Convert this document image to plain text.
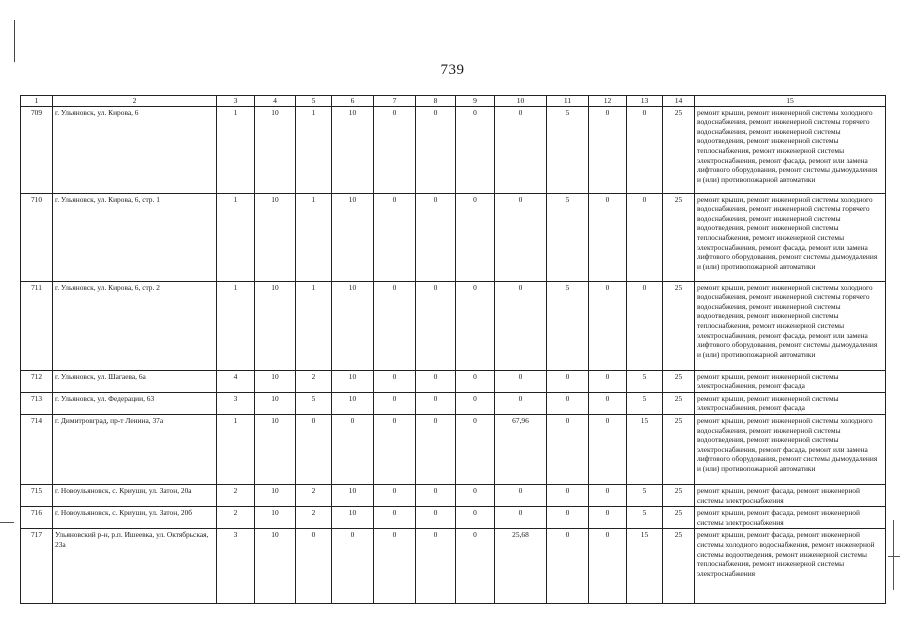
739
1	2	3	4	5	6	7	8	9	10	11	12	13	14	15
709	г. Ульяновск, ул. Кирова, 6	1	10	1	10	0	0	0	0	5	0	0	25	ремонт крыши, ремонт инженерной системы холодного водоснабжения, ремонт инженерной системы горячего водоснабжения, ремонт инженерной системы водоотведения, ремонт инженерной системы теплоснабжения, ремонт инженерной системы электроснабжения, ремонт фасада, ремонт или замена лифтового оборудования, ремонт системы дымоудаления и (или) противопожарной автоматики
710	г. Ульяновск, ул. Кирова, 6, стр. 1	1	10	1	10	0	0	0	0	5	0	0	25	ремонт крыши, ремонт инженерной системы холодного водоснабжения, ремонт инженерной системы горячего водоснабжения, ремонт инженерной системы водоотведения, ремонт инженерной системы теплоснабжения, ремонт инженерной системы электроснабжения, ремонт фасада, ремонт или замена лифтового оборудования, ремонт системы дымоудаления и (или) противопожарной автоматики
711	г. Ульяновск, ул. Кирова, 6, стр. 2	1	10	1	10	0	0	0	0	5	0	0	25	ремонт крыши, ремонт инженерной системы холодного водоснабжения, ремонт инженерной системы горячего водоснабжения, ремонт инженерной системы водоотведения, ремонт инженерной системы теплоснабжения, ремонт инженерной системы электроснабжения, ремонт фасада, ремонт или замена лифтового оборудования, ремонт системы дымоудаления и (или) противопожарной автоматики
712	г. Ульяновск, ул. Шагаева, 6а	4	10	2	10	0	0	0	0	0	0	5	25	ремонт крыши, ремонт инженерной системы электроснабжения, ремонт фасада
713	г. Ульяновск, ул. Федерации, 63	3	10	5	10	0	0	0	0	0	0	5	25	ремонт крыши, ремонт инженерной системы электроснабжения, ремонт фасада
714	г. Димитровград, пр-т Ленина, 37а	1	10	0	0	0	0	0	67,96	0	0	15	25	ремонт крыши, ремонт инженерной системы холодного водоснабжения, ремонт инженерной системы водоотведения, ремонт инженерной системы электроснабжения, ремонт фасада, ремонт или замена лифтового оборудования, ремонт системы дымоудаления и (или) противопожарной автоматики
715	г. Новоульяновск, с. Криуши, ул. Затон, 20а	2	10	2	10	0	0	0	0	0	0	5	25	ремонт крыши, ремонт фасада, ремонт инженерной системы электроснабжения
716	г. Новоульяновск, с. Криуши, ул. Затон, 20б	2	10	2	10	0	0	0	0	0	0	5	25	ремонт крыши, ремонт фасада, ремонт инженерной системы электроснабжения
717	Ульяновский р-н, р.п. Ишеевка, ул. Октябрьская, 23а	3	10	0	0	0	0	0	25,68	0	0	15	25	ремонт крыши, ремонт фасада, ремонт инженерной системы холодного водоснабжения, ремонт инженерной системы водоотведения, ремонт инженерной системы теплоснабжения, ремонт инженерной системы электроснабжения
